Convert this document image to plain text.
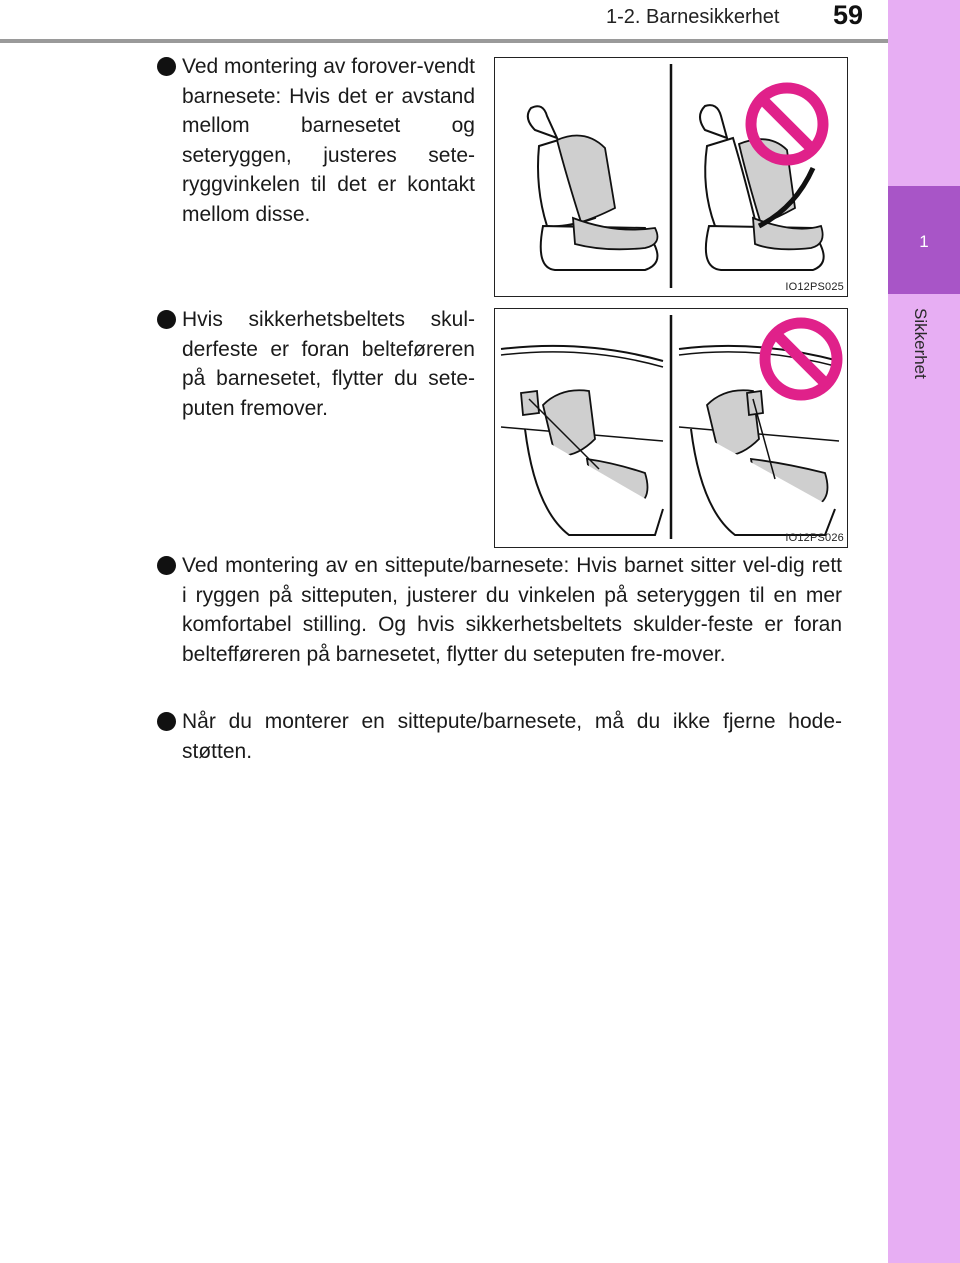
1-2. Barnesikkerhet	59
1
Sikkerhet
Ved montering av forover-vendt barnesete: Hvis det er avstand mellom barnesetet og seteryggen, justeres sete-ryggvinkelen til det er kontakt mellom disse.
IO12PS025
Hvis sikkerhetsbeltets skul-derfeste er foran belteføreren på barnesetet, flytter du sete-puten fremover.
IO12PS026
Ved montering av en sittepute/barnesete: Hvis barnet sitter vel-dig rett i ryggen på sitteputen, justerer du vinkelen på seteryggen til en mer komfortabel stilling. Og hvis sikkerhetsbeltets skulder-feste er foran beltefføreren på barnesetet, flytter du seteputen fre-mover.
Når du monterer en sittepute/barnesete, må du ikke fjerne hode-støtten.
